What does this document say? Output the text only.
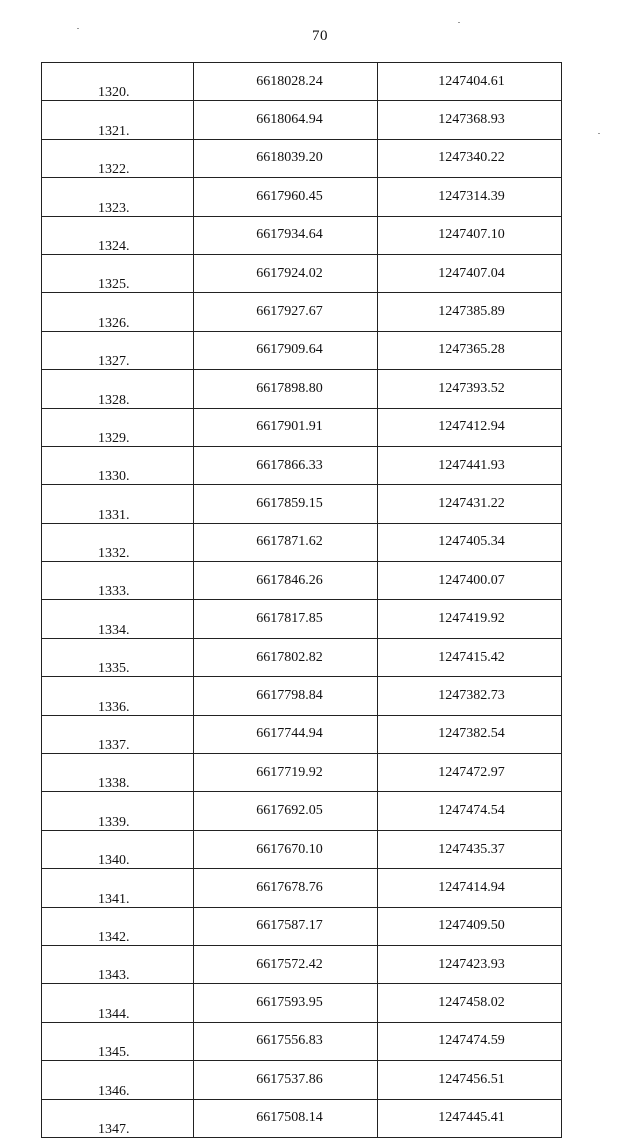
70
1320.	6618028.24	1247404.61
1321.	6618064.94	1247368.93
1322.	6618039.20	1247340.22
1323.	6617960.45	1247314.39
1324.	6617934.64	1247407.10
1325.	6617924.02	1247407.04
1326.	6617927.67	1247385.89
1327.	6617909.64	1247365.28
1328.	6617898.80	1247393.52
1329.	6617901.91	1247412.94
1330.	6617866.33	1247441.93
1331.	6617859.15	1247431.22
1332.	6617871.62	1247405.34
1333.	6617846.26	1247400.07
1334.	6617817.85	1247419.92
1335.	6617802.82	1247415.42
1336.	6617798.84	1247382.73
1337.	6617744.94	1247382.54
1338.	6617719.92	1247472.97
1339.	6617692.05	1247474.54
1340.	6617670.10	1247435.37
1341.	6617678.76	1247414.94
1342.	6617587.17	1247409.50
1343.	6617572.42	1247423.93
1344.	6617593.95	1247458.02
1345.	6617556.83	1247474.59
1346.	6617537.86	1247456.51
1347.	6617508.14	1247445.41
